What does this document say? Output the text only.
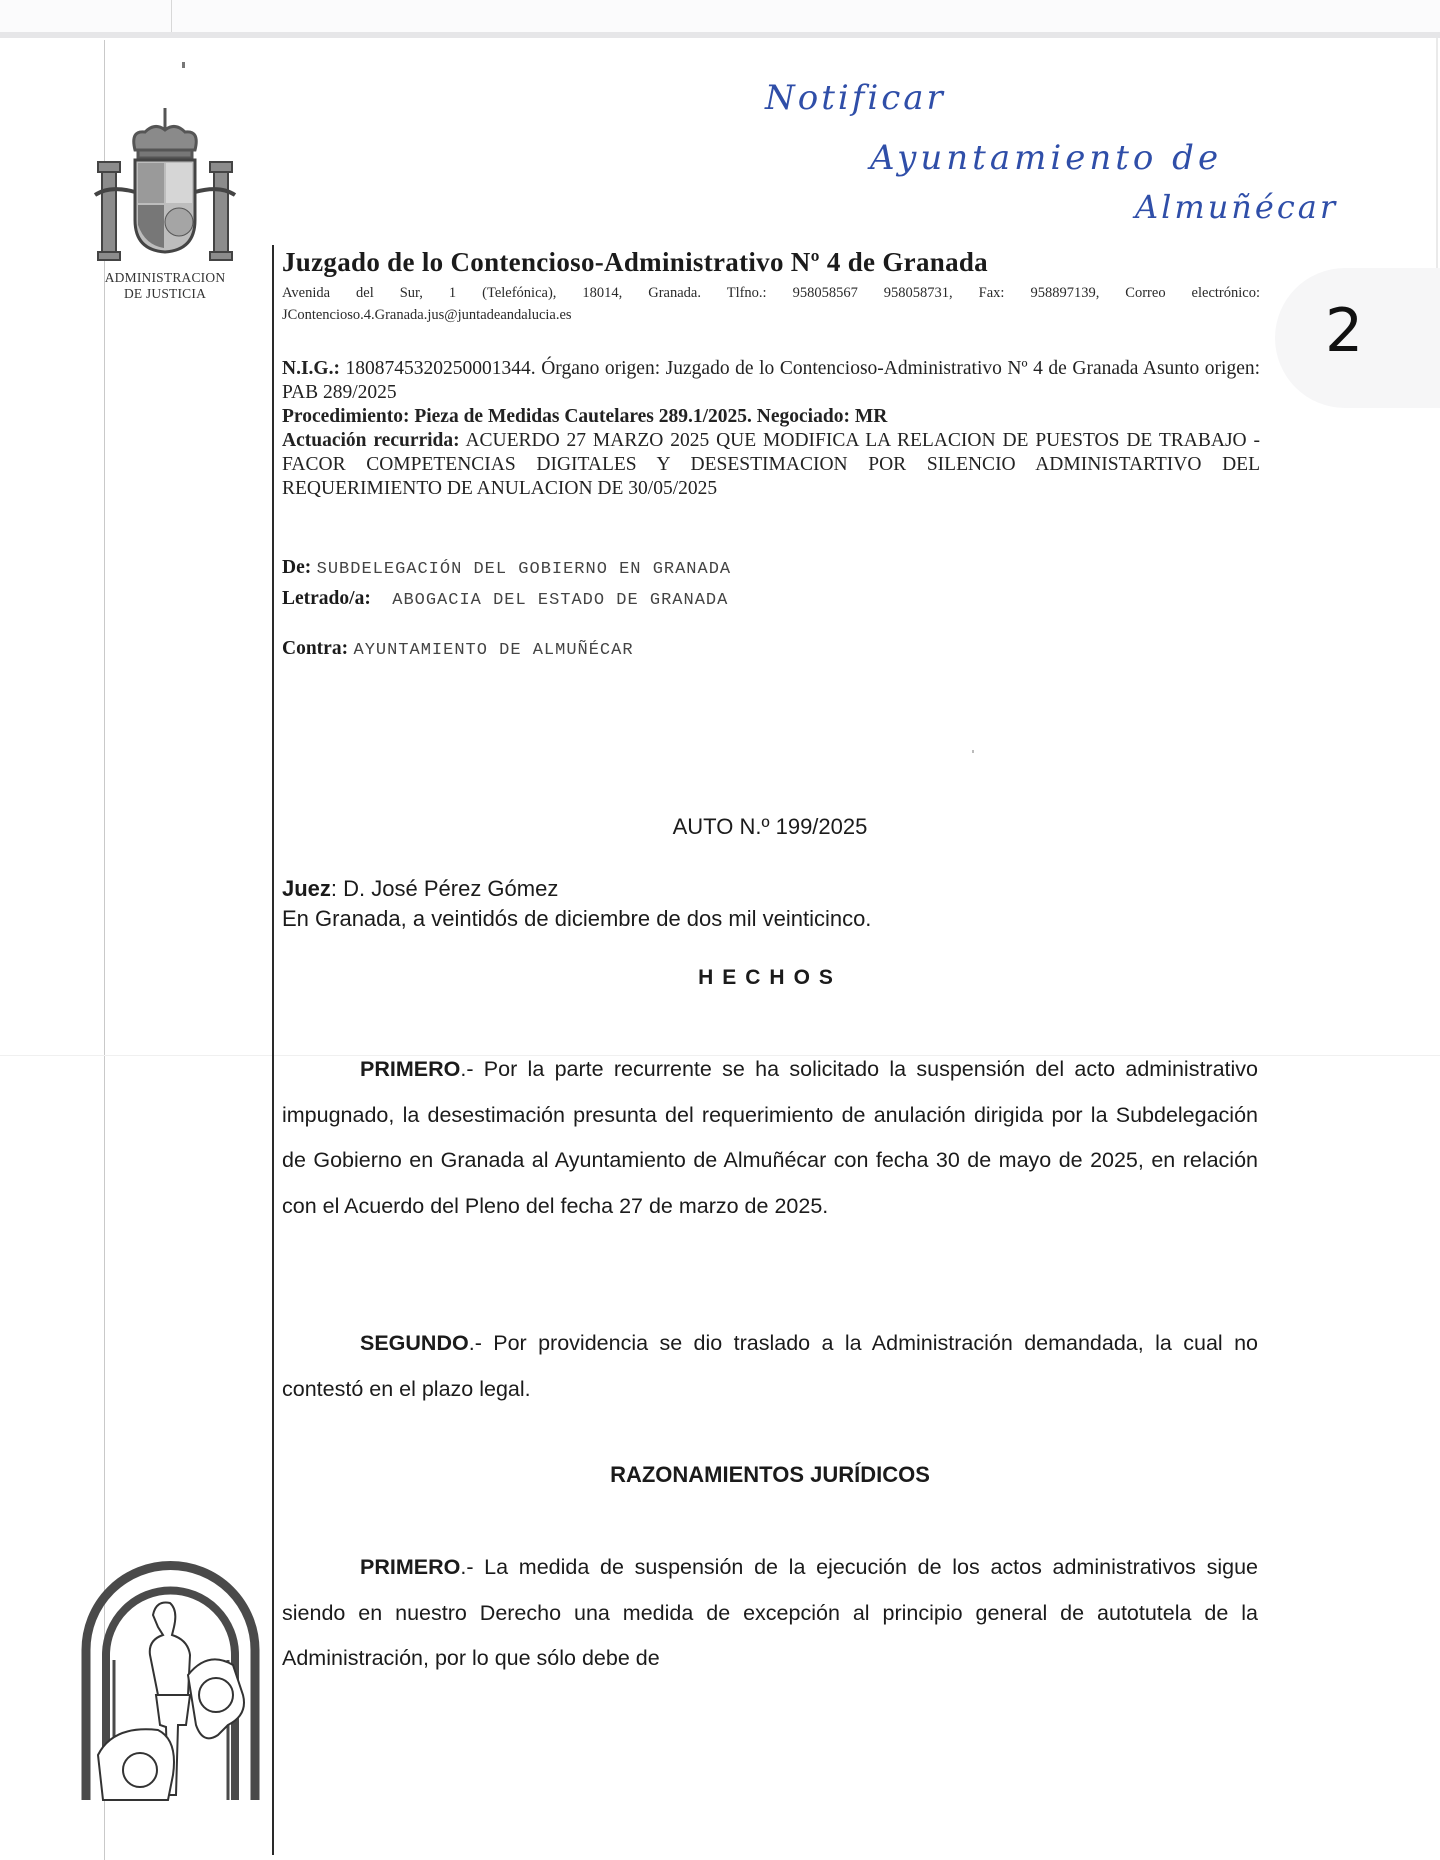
ADMINISTRACION
DE JUSTICIA
Notificar
Ayuntamiento de
Almuñécar
2
Juzgado de lo Contencioso-Administrativo Nº 4 de Granada
Avenida del Sur, 1 (Telefónica), 18014, Granada. Tlfno.: 958058567 958058731, Fax: 958897139, Correo electrónico: JContencioso.4.Granada.jus@juntadeandalucia.es
N.I.G.: 1808745320250001344. Órgano origen: Juzgado de lo Contencioso-Administrativo Nº 4 de Granada Asunto origen: PAB 289/2025
Procedimiento: Pieza de Medidas Cautelares 289.1/2025. Negociado: MR
Actuación recurrida: ACUERDO 27 MARZO 2025 QUE MODIFICA LA RELACION DE PUESTOS DE TRABAJO - FACOR COMPETENCIAS DIGITALES Y DESESTIMACION POR SILENCIO ADMINISTARTIVO DEL REQUERIMIENTO DE ANULACION DE 30/05/2025
De: SUBDELEGACIÓN DEL GOBIERNO EN GRANADA
Letrado/a: ABOGACIA DEL ESTADO DE GRANADA
Contra: AYUNTAMIENTO DE ALMUÑÉCAR
AUTO N.º 199/2025
Juez: D. José Pérez Gómez
En Granada, a veintidós de diciembre de dos mil veinticinco.
HECHOS
PRIMERO.- Por la parte recurrente se ha solicitado la suspensión del acto administrativo impugnado, la desestimación presunta del requerimiento de anulación dirigida por la Subdelegación de Gobierno en Granada al Ayuntamiento de Almuñécar con fecha 30 de mayo de 2025, en relación con el Acuerdo del Pleno del fecha 27 de marzo de 2025.
SEGUNDO.- Por providencia se dio traslado a la Administración demandada, la cual no contestó en el plazo legal.
RAZONAMIENTOS JURÍDICOS
PRIMERO.- La medida de suspensión de la ejecución de los actos administrativos sigue siendo en nuestro Derecho una medida de excepción al principio general de autotutela de la Administración, por lo que sólo debe de
